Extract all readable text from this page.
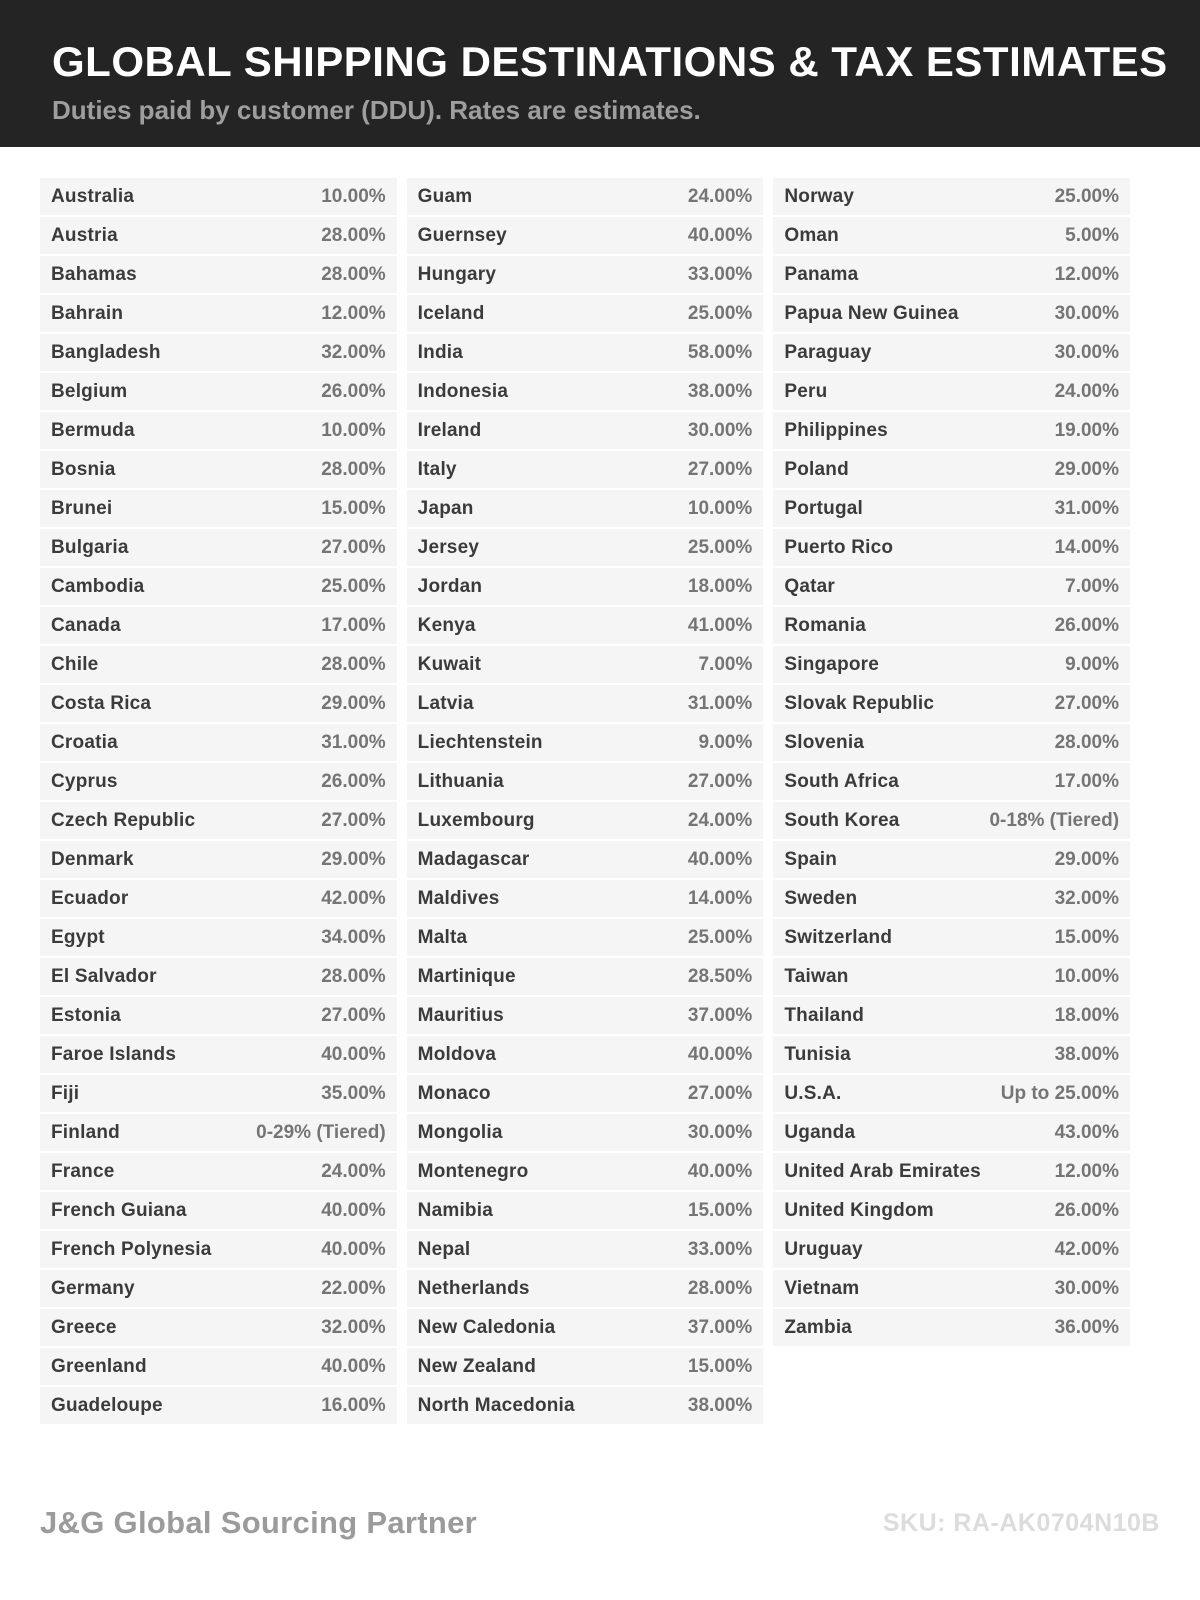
GLOBAL SHIPPING DESTINATIONS & TAX ESTIMATES
Duties paid by customer (DDU). Rates are estimates.
Australia	10.00%
Austria	28.00%
Bahamas	28.00%
Bahrain	12.00%
Bangladesh	32.00%
Belgium	26.00%
Bermuda	10.00%
Bosnia	28.00%
Brunei	15.00%
Bulgaria	27.00%
Cambodia	25.00%
Canada	17.00%
Chile	28.00%
Costa Rica	29.00%
Croatia	31.00%
Cyprus	26.00%
Czech Republic	27.00%
Denmark	29.00%
Ecuador	42.00%
Egypt	34.00%
El Salvador	28.00%
Estonia	27.00%
Faroe Islands	40.00%
Fiji	35.00%
Finland	0-29% (Tiered)
France	24.00%
French Guiana	40.00%
French Polynesia	40.00%
Germany	22.00%
Greece	32.00%
Greenland	40.00%
Guadeloupe	16.00%
Guam	24.00%
Guernsey	40.00%
Hungary	33.00%
Iceland	25.00%
India	58.00%
Indonesia	38.00%
Ireland	30.00%
Italy	27.00%
Japan	10.00%
Jersey	25.00%
Jordan	18.00%
Kenya	41.00%
Kuwait	7.00%
Latvia	31.00%
Liechtenstein	9.00%
Lithuania	27.00%
Luxembourg	24.00%
Madagascar	40.00%
Maldives	14.00%
Malta	25.00%
Martinique	28.50%
Mauritius	37.00%
Moldova	40.00%
Monaco	27.00%
Mongolia	30.00%
Montenegro	40.00%
Namibia	15.00%
Nepal	33.00%
Netherlands	28.00%
New Caledonia	37.00%
New Zealand	15.00%
North Macedonia	38.00%
Norway	25.00%
Oman	5.00%
Panama	12.00%
Papua New Guinea	30.00%
Paraguay	30.00%
Peru	24.00%
Philippines	19.00%
Poland	29.00%
Portugal	31.00%
Puerto Rico	14.00%
Qatar	7.00%
Romania	26.00%
Singapore	9.00%
Slovak Republic	27.00%
Slovenia	28.00%
South Africa	17.00%
South Korea	0-18% (Tiered)
Spain	29.00%
Sweden	32.00%
Switzerland	15.00%
Taiwan	10.00%
Thailand	18.00%
Tunisia	38.00%
U.S.A.	Up to 25.00%
Uganda	43.00%
United Arab Emirates	12.00%
United Kingdom	26.00%
Uruguay	42.00%
Vietnam	30.00%
Zambia	36.00%
J&G Global Sourcing Partner	SKU: RA-AK0704N10B
